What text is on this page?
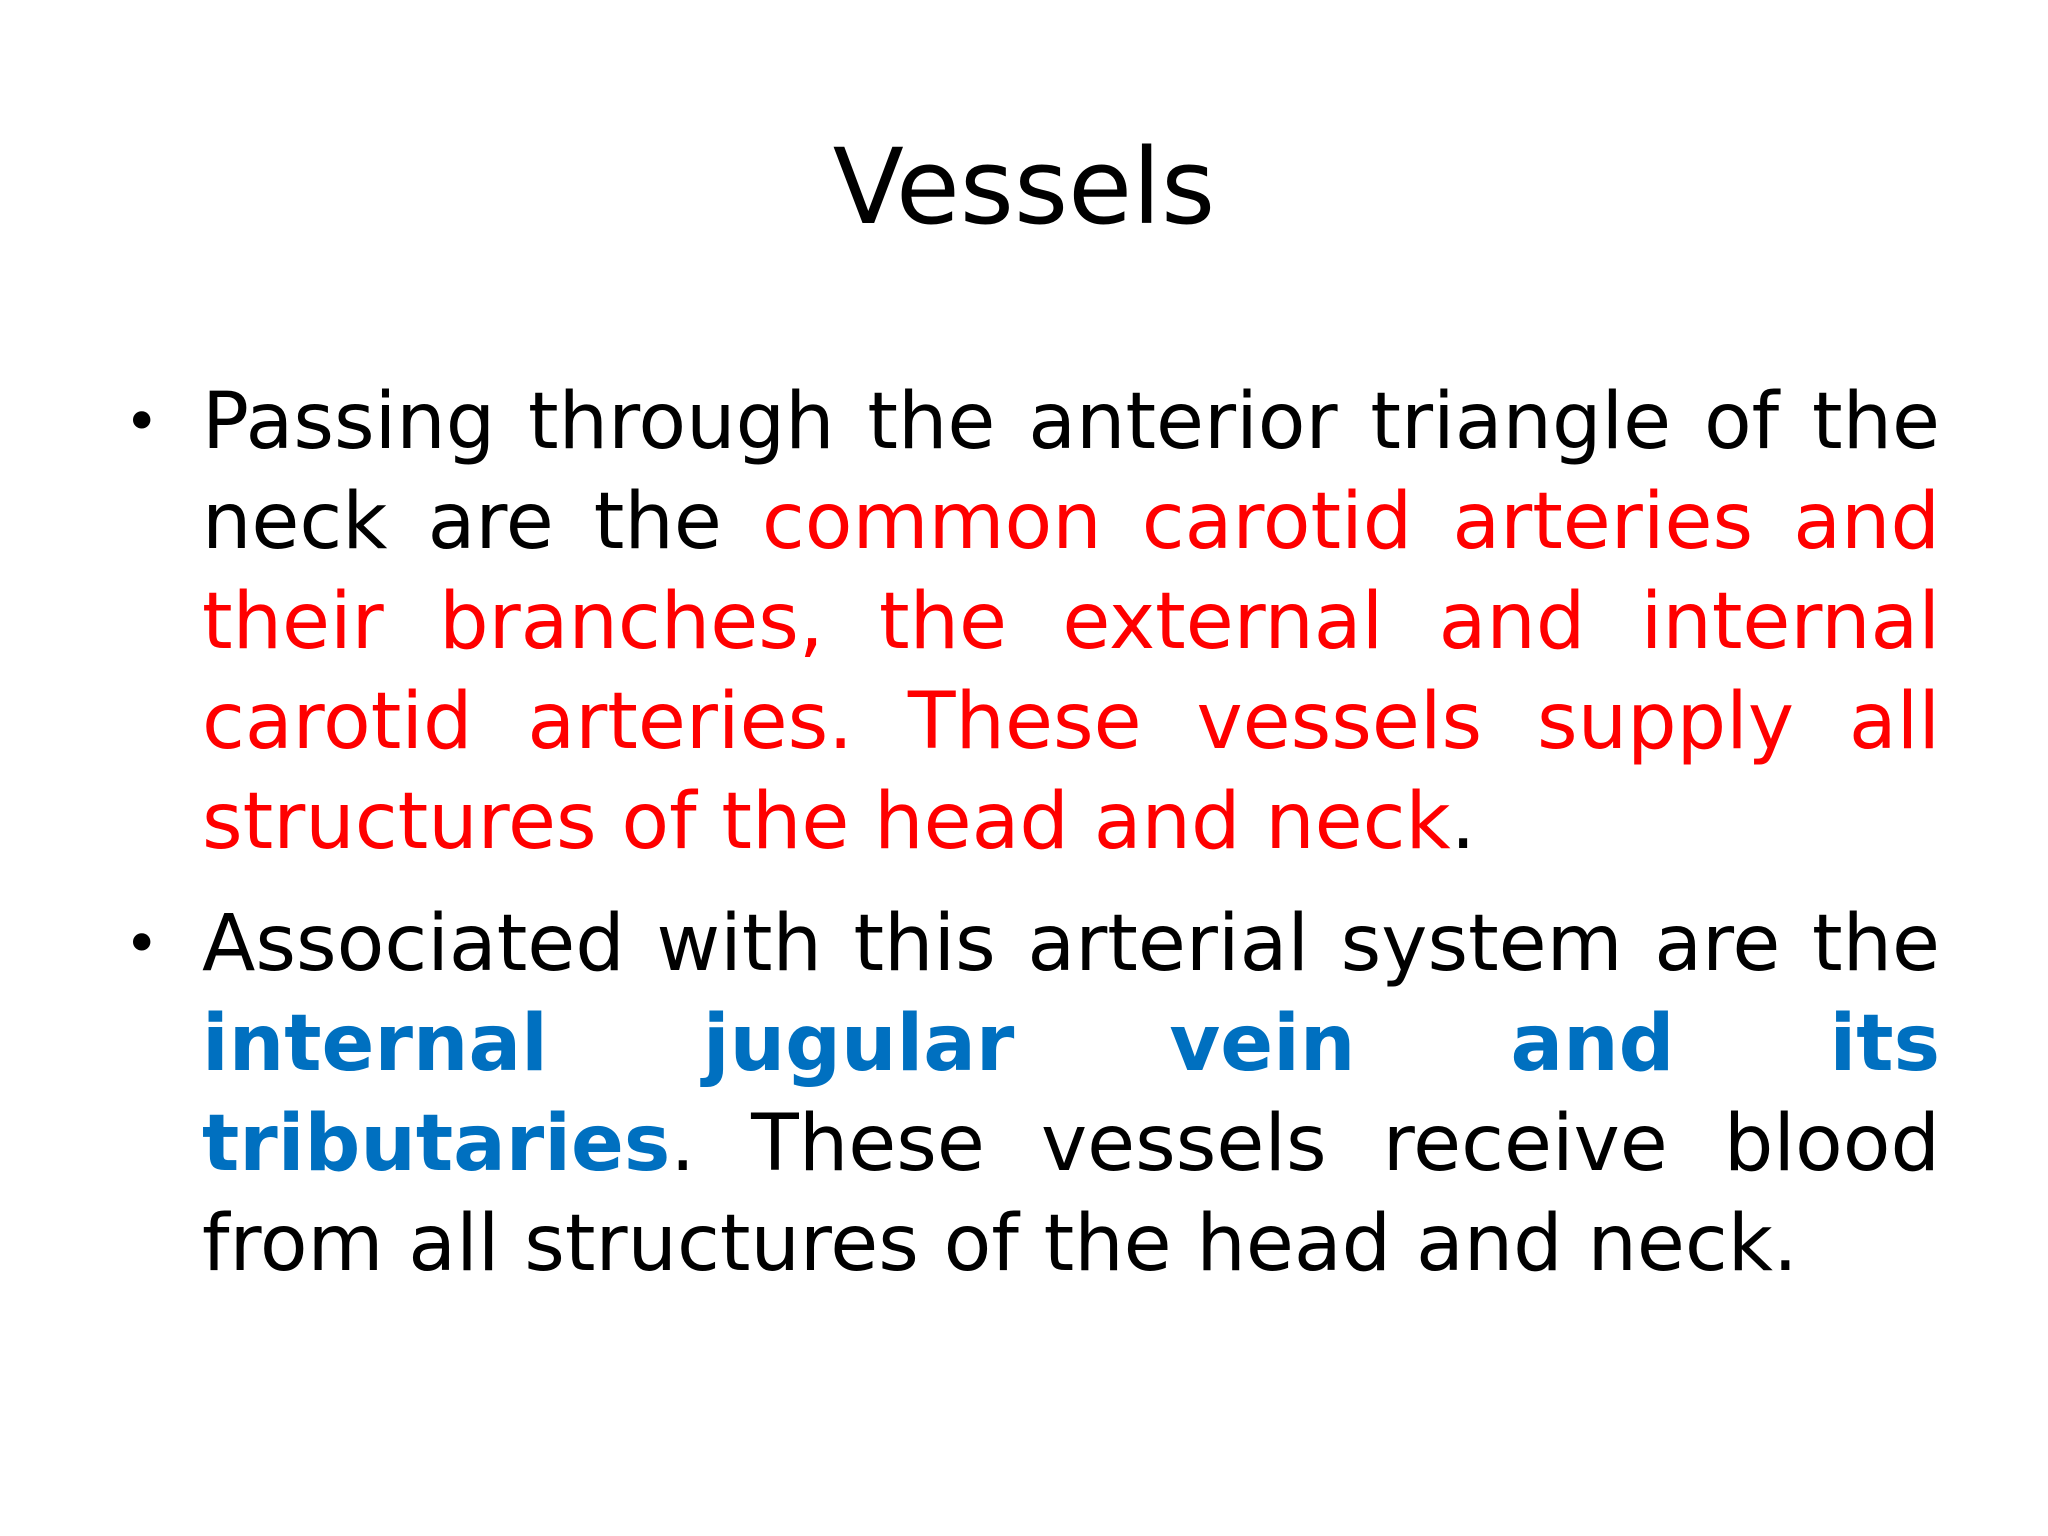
Vessels
• Passing through the anterior triangle of the neck are the common carotid arteries and their branches, the external and internal carotid arteries. These vessels supply all structures of the head and neck.
• Associated with this arterial system are the internal jugular vein and its tributaries. These vessels receive blood from all structures of the head and neck.
